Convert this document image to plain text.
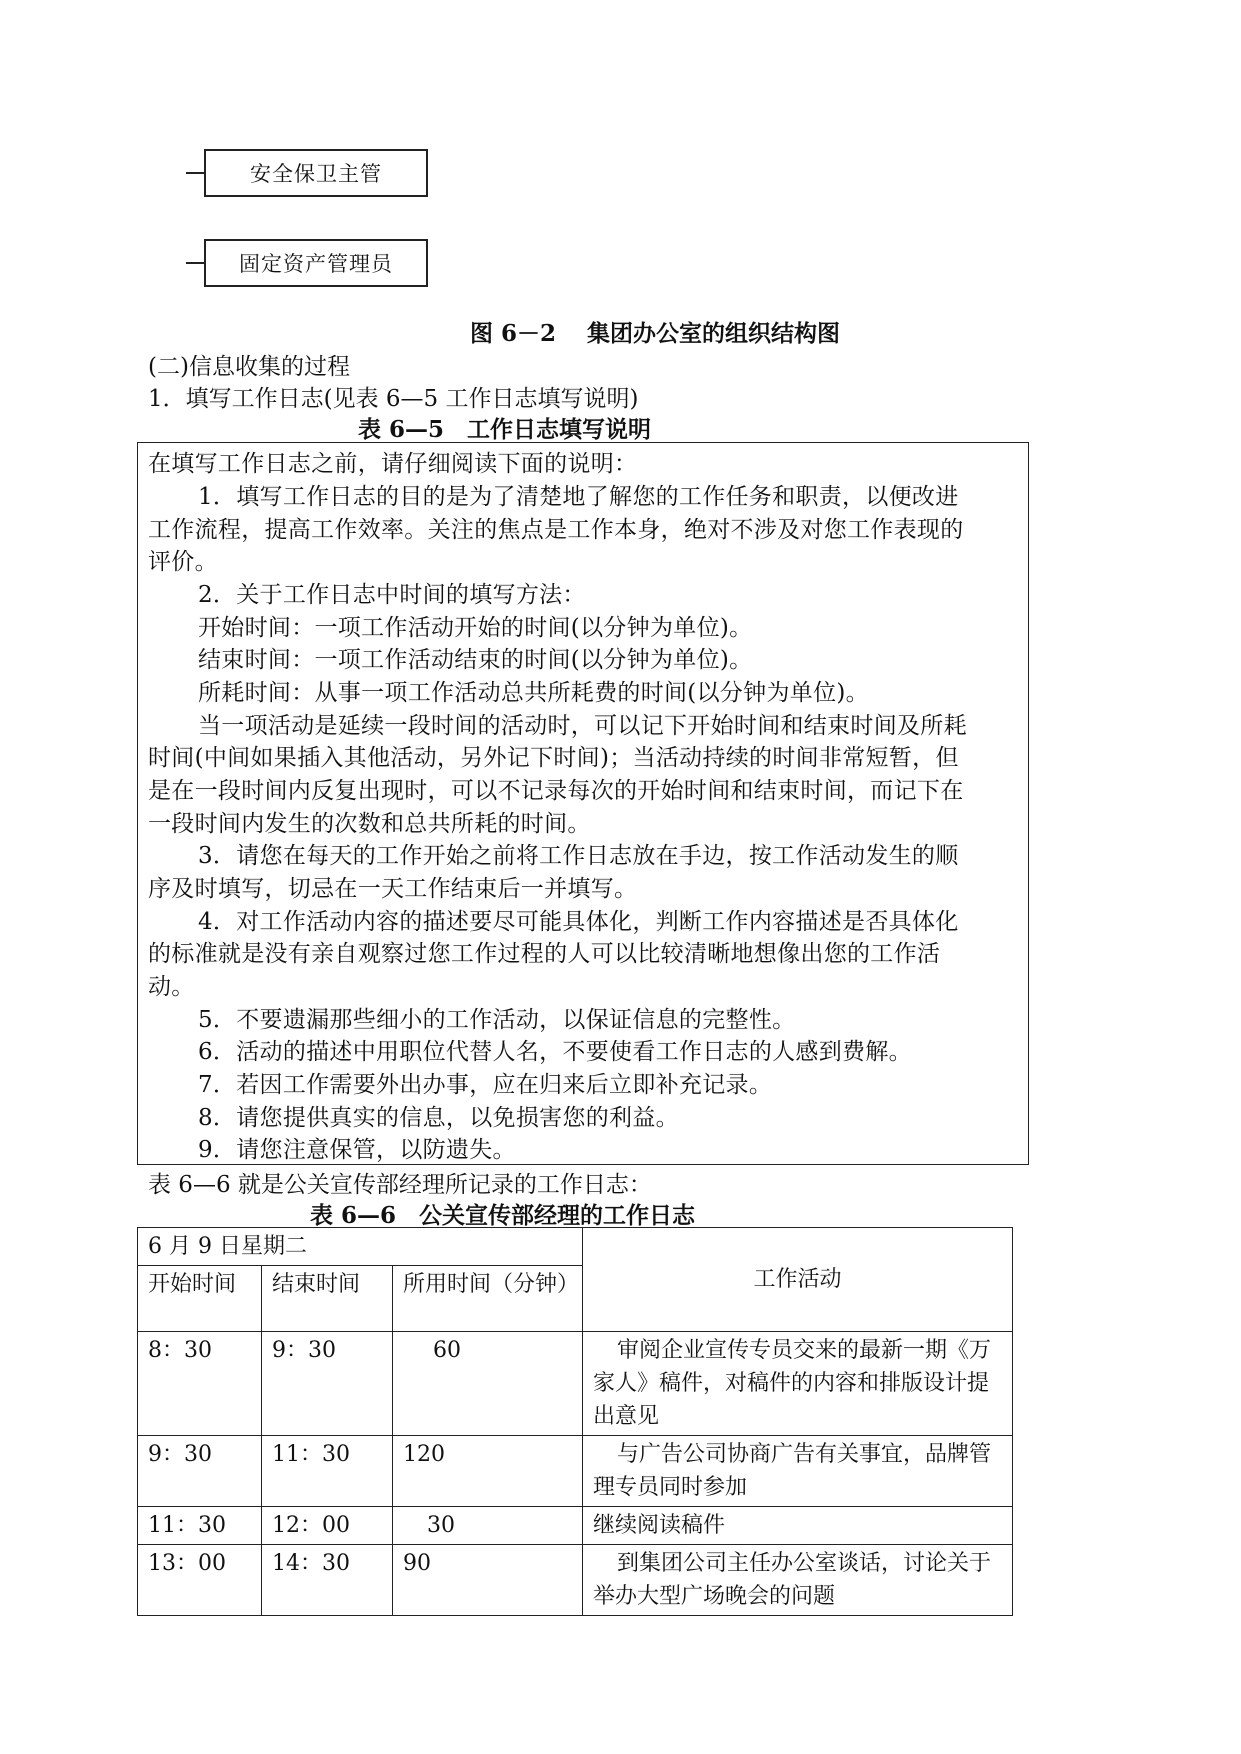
安全保卫主管
固定资产管理员
图 6－2　 集团办公室的组织结构图
(二)信息收集的过程
1．填写工作日志(见表 6—5 工作日志填写说明)
表 6—5　工作日志填写说明
在填写工作日志之前，请仔细阅读下面的说明：
1．填写工作日志的目的是为了清楚地了解您的工作任务和职责，以便改进
工作流程，提高工作效率。关注的焦点是工作本身，绝对不涉及对您工作表现的
评价。
2．关于工作日志中时间的填写方法：
开始时间：一项工作活动开始的时间(以分钟为单位)。
结束时间：一项工作活动结束的时间(以分钟为单位)。
所耗时间：从事一项工作活动总共所耗费的时间(以分钟为单位)。
当一项活动是延续一段时间的活动时，可以记下开始时间和结束时间及所耗
时间(中间如果插入其他活动，另外记下时间)；当活动持续的时间非常短暂，但
是在一段时间内反复出现时，可以不记录每次的开始时间和结束时间，而记下在
一段时间内发生的次数和总共所耗的时间。
3．请您在每天的工作开始之前将工作日志放在手边，按工作活动发生的顺
序及时填写，切忌在一天工作结束后一并填写。
4．对工作活动内容的描述要尽可能具体化，判断工作内容描述是否具体化
的标准就是没有亲自观察过您工作过程的人可以比较清晰地想像出您的工作活
动。
5．不要遗漏那些细小的工作活动，以保证信息的完整性。
6．活动的描述中用职位代替人名，不要使看工作日志的人感到费解。
7．若因工作需要外出办事，应在归来后立即补充记录。
8．请您提供真实的信息，以免损害您的利益。
9．请您注意保管，以防遗失。
表 6—6 就是公关宣传部经理所记录的工作日志：
表 6—6　公关宣传部经理的工作日志
6 月 9 日星期二			工作活动
开始时间	结束时间	所用时间（分钟）	
8：30	9：30	60	审阅企业宣传专员交来的最新一期《万家人》稿件，对稿件的内容和排版设计提出意见
9：30	11：30	120	与广告公司协商广告有关事宜，品牌管理专员同时参加
11：30	12：00	30	继续阅读稿件
13：00	14：30	90	到集团公司主任办公室谈话，讨论关于举办大型广场晚会的问题
